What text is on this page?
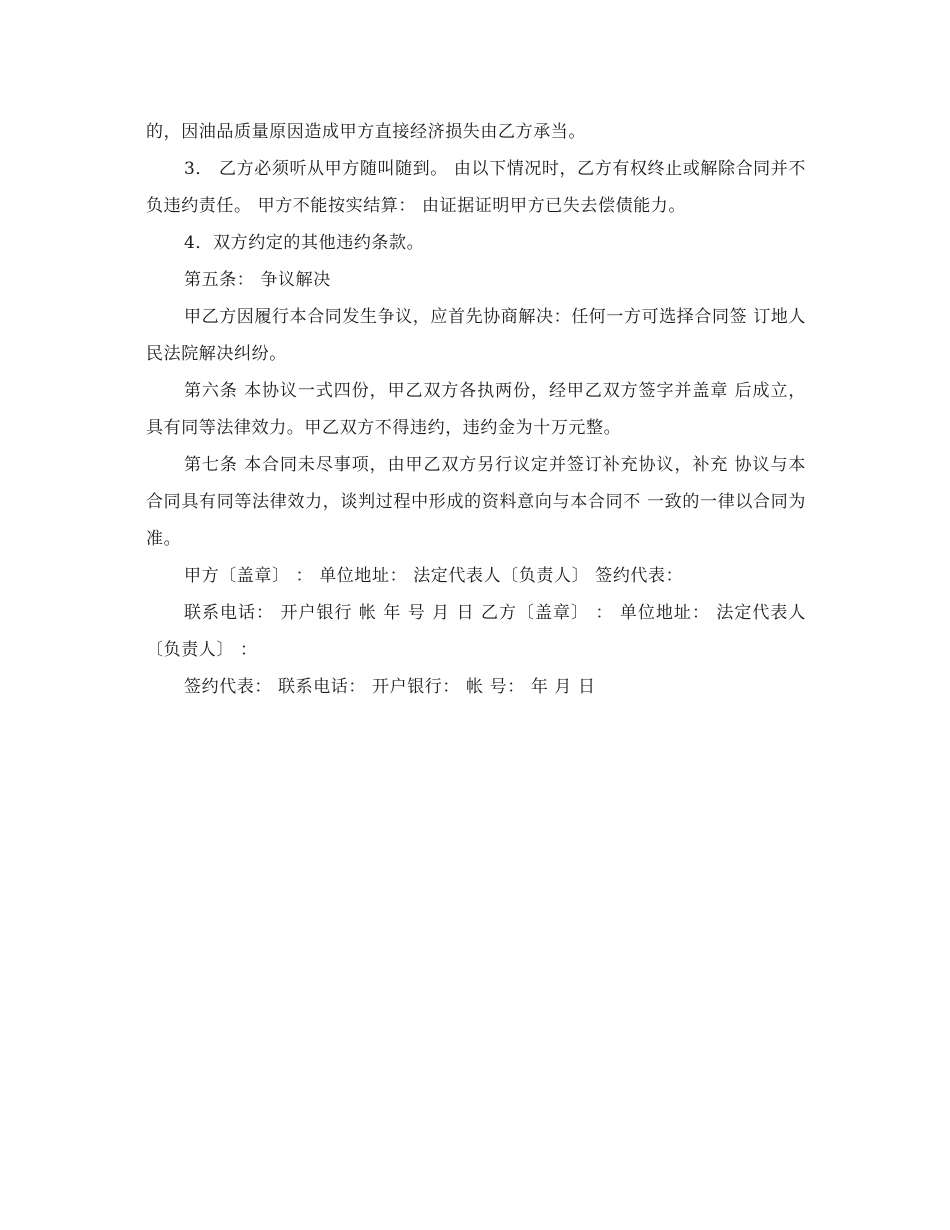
的，因油品质量原因造成甲方直接经济损失由乙方承当。

3． 乙方必须听从甲方随叫随到。 由以下情况时，乙方有权终止或解除合同并不负违约责任。 甲方不能按实结算： 由证据证明甲方已失去偿债能力。

4．双方约定的其他违约条款。

第五条： 争议解决

甲乙方因履行本合同发生争议，应首先协商解决：任何一方可选择合同签 订地人民法院解决纠纷。

第六条 本协议一式四份，甲乙双方各执两份，经甲乙双方签字并盖章 后成立，具有同等法律效力。甲乙双方不得违约，违约金为十万元整。

第七条 本合同未尽事项，由甲乙双方另行议定并签订补充协议，补充 协议与本合同具有同等法律效力，谈判过程中形成的资料意向与本合同不 一致的一律以合同为准。

甲方〔盖章〕 ： 单位地址： 法定代表人〔负责人〕 签约代表：

联系电话： 开户银行 帐 年 号 月 日 乙方〔盖章〕 ： 单位地址： 法定代表人〔负责人〕 ：

签约代表： 联系电话： 开户银行： 帐 号： 年 月 日
